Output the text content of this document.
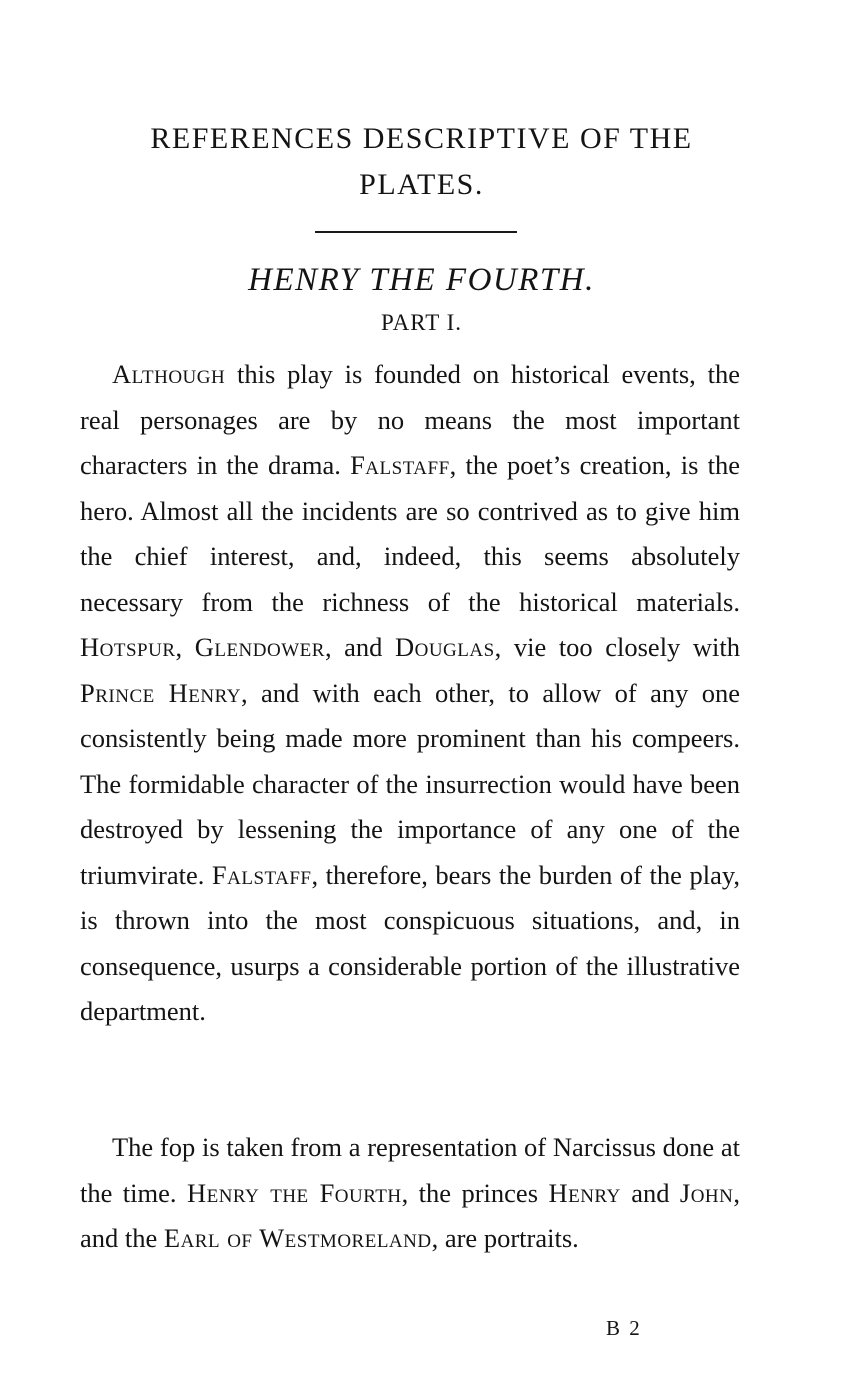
REFERENCES DESCRIPTIVE OF THE
PLATES.
HENRY THE FOURTH.
PART I.

Although this play is founded on historical events, the real personages are by no means the most important characters in the drama. Falstaff, the poet’s creation, is the hero. Almost all the incidents are so contrived as to give him the chief interest, and, indeed, this seems absolutely necessary from the richness of the historical materials. Hotspur, Glendower, and Douglas, vie too closely with Prince Henry, and with each other, to allow of any one consistently being made more prominent than his compeers. The formidable character of the insurrection would have been destroyed by lessening the importance of any one of the triumvirate. Falstaff, therefore, bears the burden of the play, is thrown into the most conspicuous situations, and, in consequence, usurps a considerable portion of the illustrative department.

The fop is taken from a representation of Narcissus done at the time. Henry the Fourth, the princes Henry and John, and the Earl of Westmoreland, are portraits.

B 2
